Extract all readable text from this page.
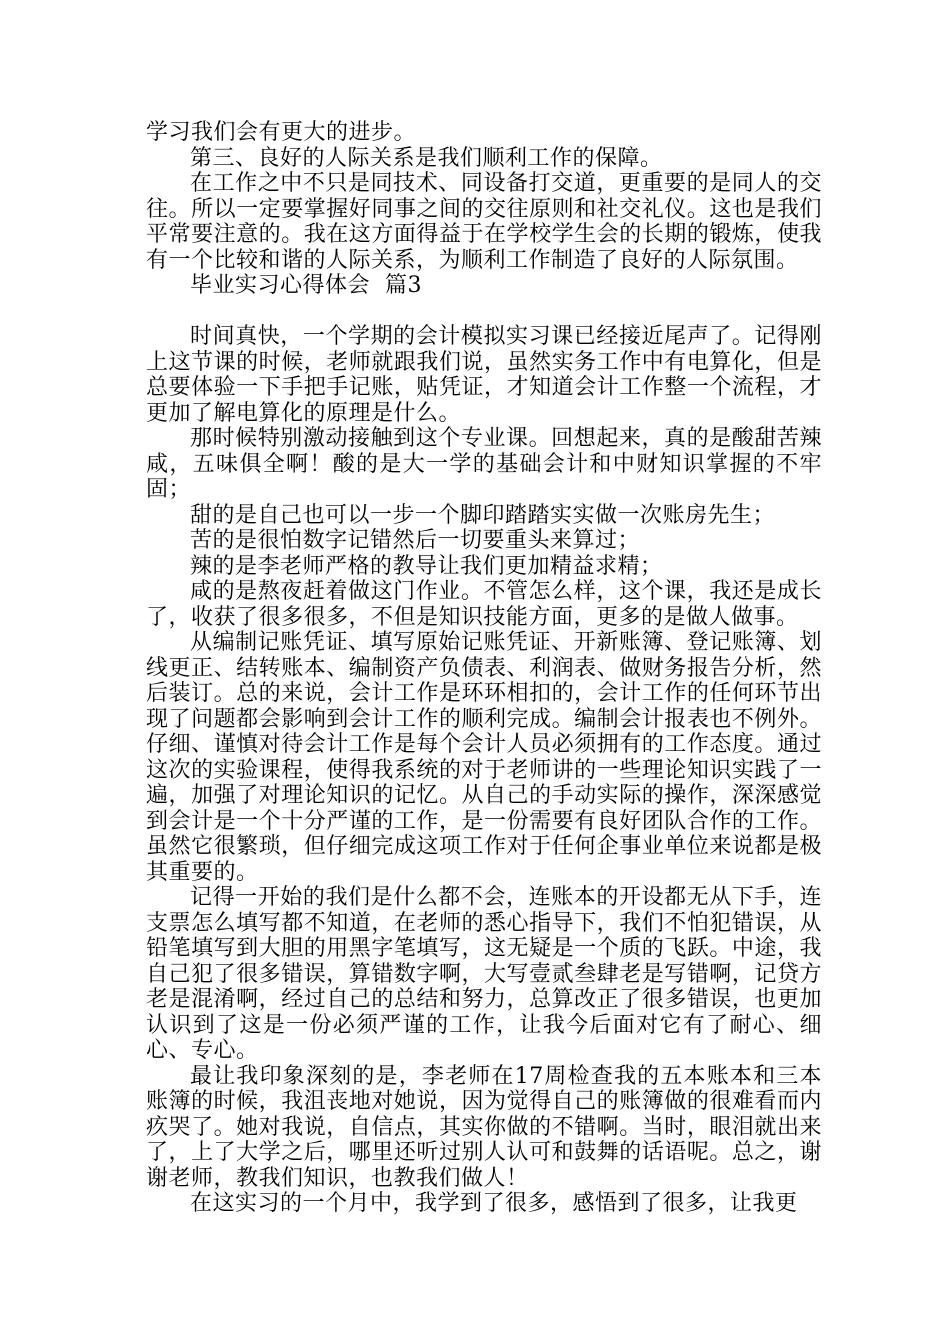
学习我们会有更大的进步。

第三、良好的人际关系是我们顺利工作的保障。

在工作之中不只是同技术、同设备打交道，更重要的是同人的交往。所以一定要掌握好同事之间的交往原则和社交礼仪。这也是我们平常要注意的。我在这方面得益于在学校学生会的长期的锻炼，使我有一个比较和谐的人际关系，为顺利工作制造了良好的人际氛围。

毕业实习心得体会  篇3

时间真快，一个学期的会计模拟实习课已经接近尾声了。记得刚上这节课的时候，老师就跟我们说，虽然实务工作中有电算化，但是总要体验一下手把手记账，贴凭证，才知道会计工作整一个流程，才更加了解电算化的原理是什么。

那时候特别激动接触到这个专业课。回想起来，真的是酸甜苦辣咸，五味俱全啊！酸的是大一学的基础会计和中财知识掌握的不牢固；

甜的是自己也可以一步一个脚印踏踏实实做一次账房先生；

苦的是很怕数字记错然后一切要重头来算过；

辣的是李老师严格的教导让我们更加精益求精；

咸的是熬夜赶着做这门作业。不管怎么样，这个课，我还是成长了，收获了很多很多，不但是知识技能方面，更多的是做人做事。

从编制记账凭证、填写原始记账凭证、开新账簿、登记账簿、划线更正、结转账本、编制资产负债表、利润表、做财务报告分析，然后装订。总的来说，会计工作是环环相扣的，会计工作的任何环节出现了问题都会影响到会计工作的顺利完成。编制会计报表也不例外。仔细、谨慎对待会计工作是每个会计人员必须拥有的工作态度。通过这次的实验课程，使得我系统的对于老师讲的一些理论知识实践了一遍，加强了对理论知识的记忆。从自己的手动实际的操作，深深感觉到会计是一个十分严谨的工作，是一份需要有良好团队合作的工作。虽然它很繁琐，但仔细完成这项工作对于任何企事业单位来说都是极其重要的。

记得一开始的我们是什么都不会，连账本的开设都无从下手，连支票怎么填写都不知道，在老师的悉心指导下，我们不怕犯错误，从铅笔填写到大胆的用黑字笔填写，这无疑是一个质的飞跃。中途，我自己犯了很多错误，算错数字啊，大写壹贰叁肆老是写错啊，记贷方老是混淆啊，经过自己的总结和努力，总算改正了很多错误，也更加认识到了这是一份必须严谨的工作，让我今后面对它有了耐心、细心、专心。

最让我印象深刻的是，李老师在17周检查我的五本账本和三本账簿的时候，我沮丧地对她说，因为觉得自己的账簿做的很难看而内疚哭了。她对我说，自信点，其实你做的不错啊。当时，眼泪就出来了，上了大学之后，哪里还听过别人认可和鼓舞的话语呢。总之，谢谢老师，教我们知识，也教我们做人！

在这实习的一个月中，我学到了很多，感悟到了很多，让我更
